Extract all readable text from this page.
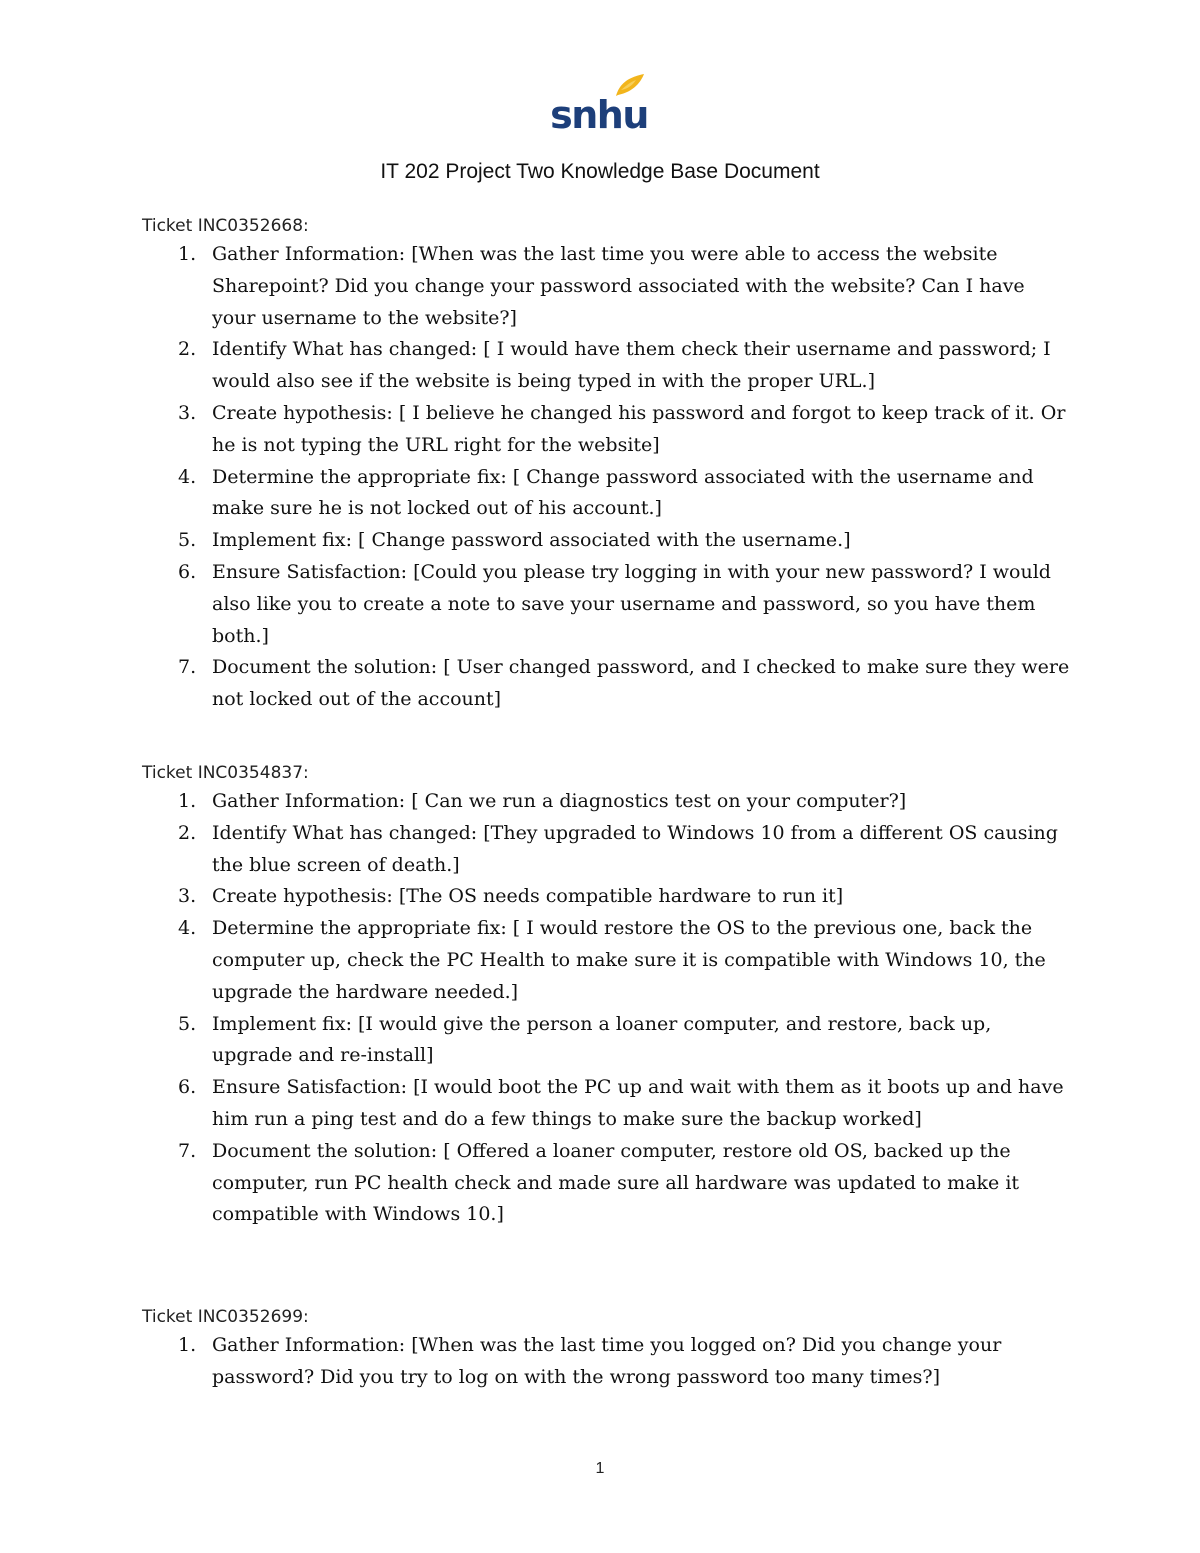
snhu
IT 202 Project Two Knowledge Base Document
Ticket INC0352668:
1. Gather Information: [When was the last time you were able to access the website Sharepoint? Did you change your password associated with the website? Can I have your username to the website?]
2. Identify What has changed: [ I would have them check their username and password; I would also see if the website is being typed in with the proper URL.]
3. Create hypothesis: [ I believe he changed his password and forgot to keep track of it. Or he is not typing the URL right for the website]
4. Determine the appropriate fix: [ Change password associated with the username and make sure he is not locked out of his account.]
5. Implement fix: [ Change password associated with the username.]
6. Ensure Satisfaction: [Could you please try logging in with your new password? I would also like you to create a note to save your username and password, so you have them both.]
7. Document the solution: [ User changed password, and I checked to make sure they were not locked out of the account]
Ticket INC0354837:
1. Gather Information: [ Can we run a diagnostics test on your computer?]
2. Identify What has changed: [They upgraded to Windows 10 from a different OS causing the blue screen of death.]
3. Create hypothesis: [The OS needs compatible hardware to run it]
4. Determine the appropriate fix: [ I would restore the OS to the previous one, back the computer up, check the PC Health to make sure it is compatible with Windows 10, the upgrade the hardware needed.]
5. Implement fix: [I would give the person a loaner computer, and restore, back up, upgrade and re-install]
6. Ensure Satisfaction: [I would boot the PC up and wait with them as it boots up and have him run a ping test and do a few things to make sure the backup worked]
7. Document the solution: [ Offered a loaner computer, restore old OS, backed up the computer, run PC health check and made sure all hardware was updated to make it compatible with Windows 10.]
Ticket INC0352699:
1. Gather Information: [When was the last time you logged on? Did you change your password? Did you try to log on with the wrong password too many times?]
1
